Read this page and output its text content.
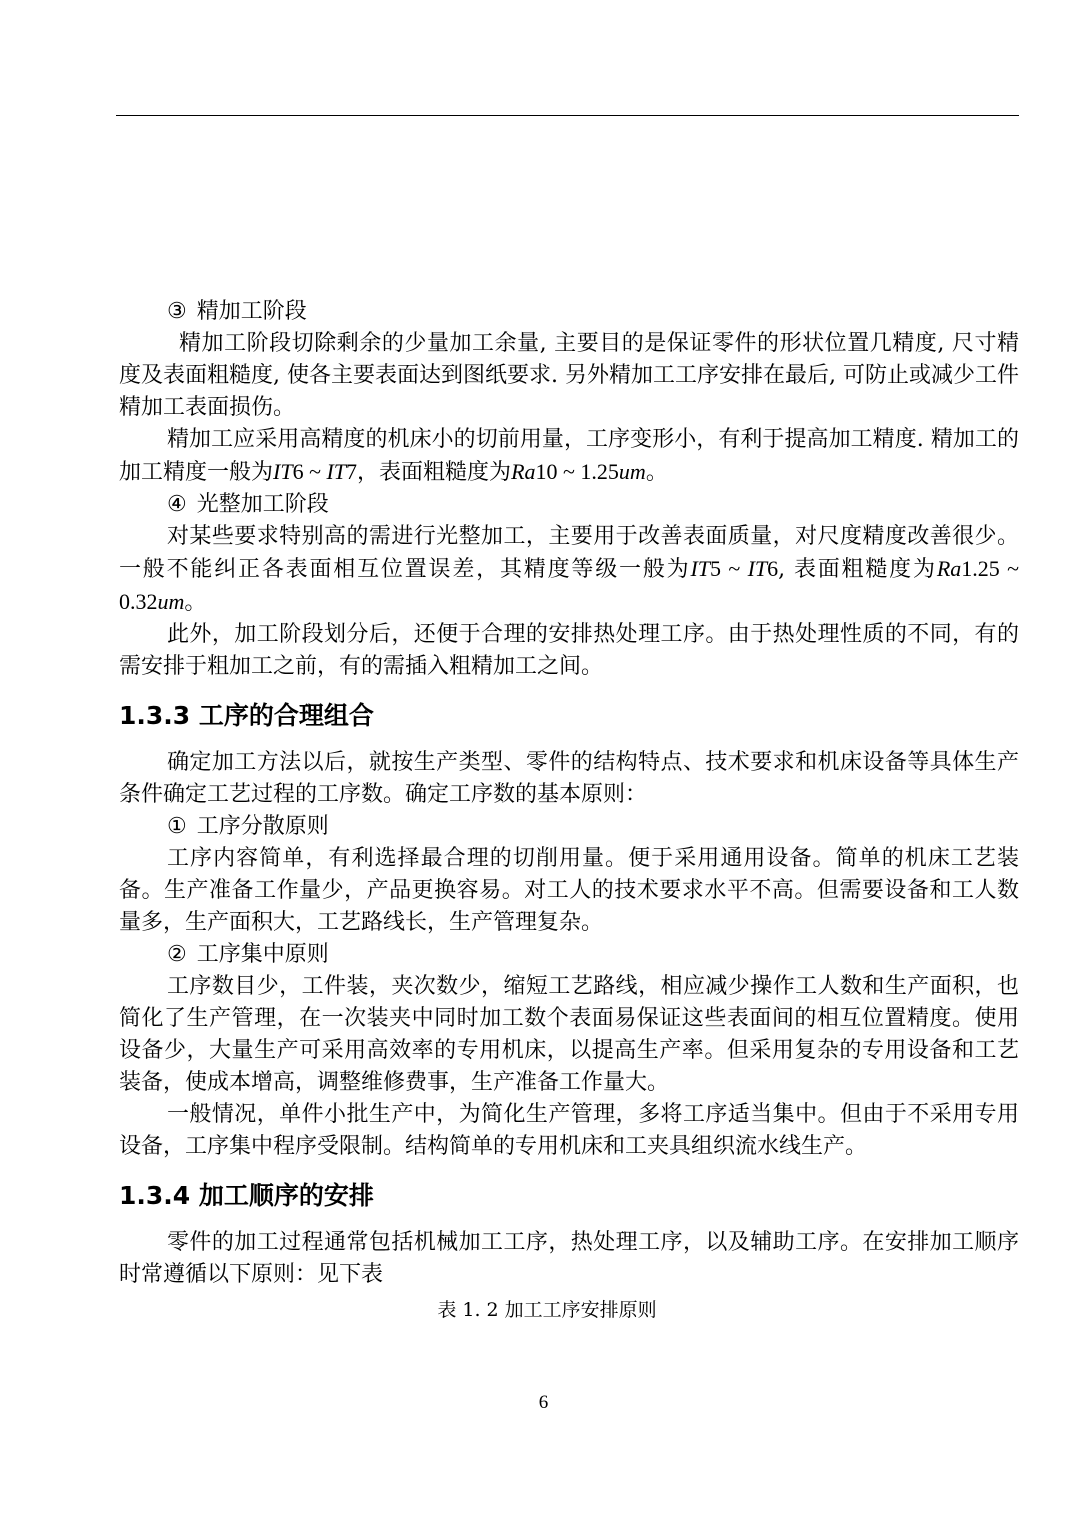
③ 精加工阶段

精加工阶段切除剩余的少量加工余量, 主要目的是保证零件的形状位置几精度, 尺寸精度及表面粗糙度, 使各主要表面达到图纸要求. 另外精加工工序安排在最后, 可防止或减少工件精加工表面损伤。

精加工应采用高精度的机床小的切前用量，工序变形小，有利于提高加工精度. 精加工的加工精度一般为IT6 ~ IT7，表面粗糙度为Ra10 ~ 1.25um。

④ 光整加工阶段

对某些要求特别高的需进行光整加工，主要用于改善表面质量，对尺度精度改善很少。一般不能纠正各表面相互位置误差，其精度等级一般为IT5 ~ IT6, 表面粗糙度为Ra1.25 ~ 0.32um。

此外，加工阶段划分后，还便于合理的安排热处理工序。由于热处理性质的不同，有的需安排于粗加工之前，有的需插入粗精加工之间。

1.3.3 工序的合理组合

确定加工方法以后，就按生产类型、零件的结构特点、技术要求和机床设备等具体生产条件确定工艺过程的工序数。确定工序数的基本原则：

① 工序分散原则

工序内容简单，有利选择最合理的切削用量。便于采用通用设备。简单的机床工艺装备。生产准备工作量少，产品更换容易。对工人的技术要求水平不高。但需要设备和工人数量多，生产面积大，工艺路线长，生产管理复杂。

② 工序集中原则

工序数目少，工件装，夹次数少，缩短工艺路线，相应减少操作工人数和生产面积，也简化了生产管理，在一次装夹中同时加工数个表面易保证这些表面间的相互位置精度。使用设备少，大量生产可采用高效率的专用机床，以提高生产率。但采用复杂的专用设备和工艺装备，使成本增高，调整维修费事，生产准备工作量大。

一般情况，单件小批生产中，为简化生产管理，多将工序适当集中。但由于不采用专用设备，工序集中程序受限制。结构简单的专用机床和工夹具组织流水线生产。

1.3.4 加工顺序的安排

零件的加工过程通常包括机械加工工序，热处理工序，以及辅助工序。在安排加工顺序时常遵循以下原则：见下表

表 1. 2 加工工序安排原则

6
